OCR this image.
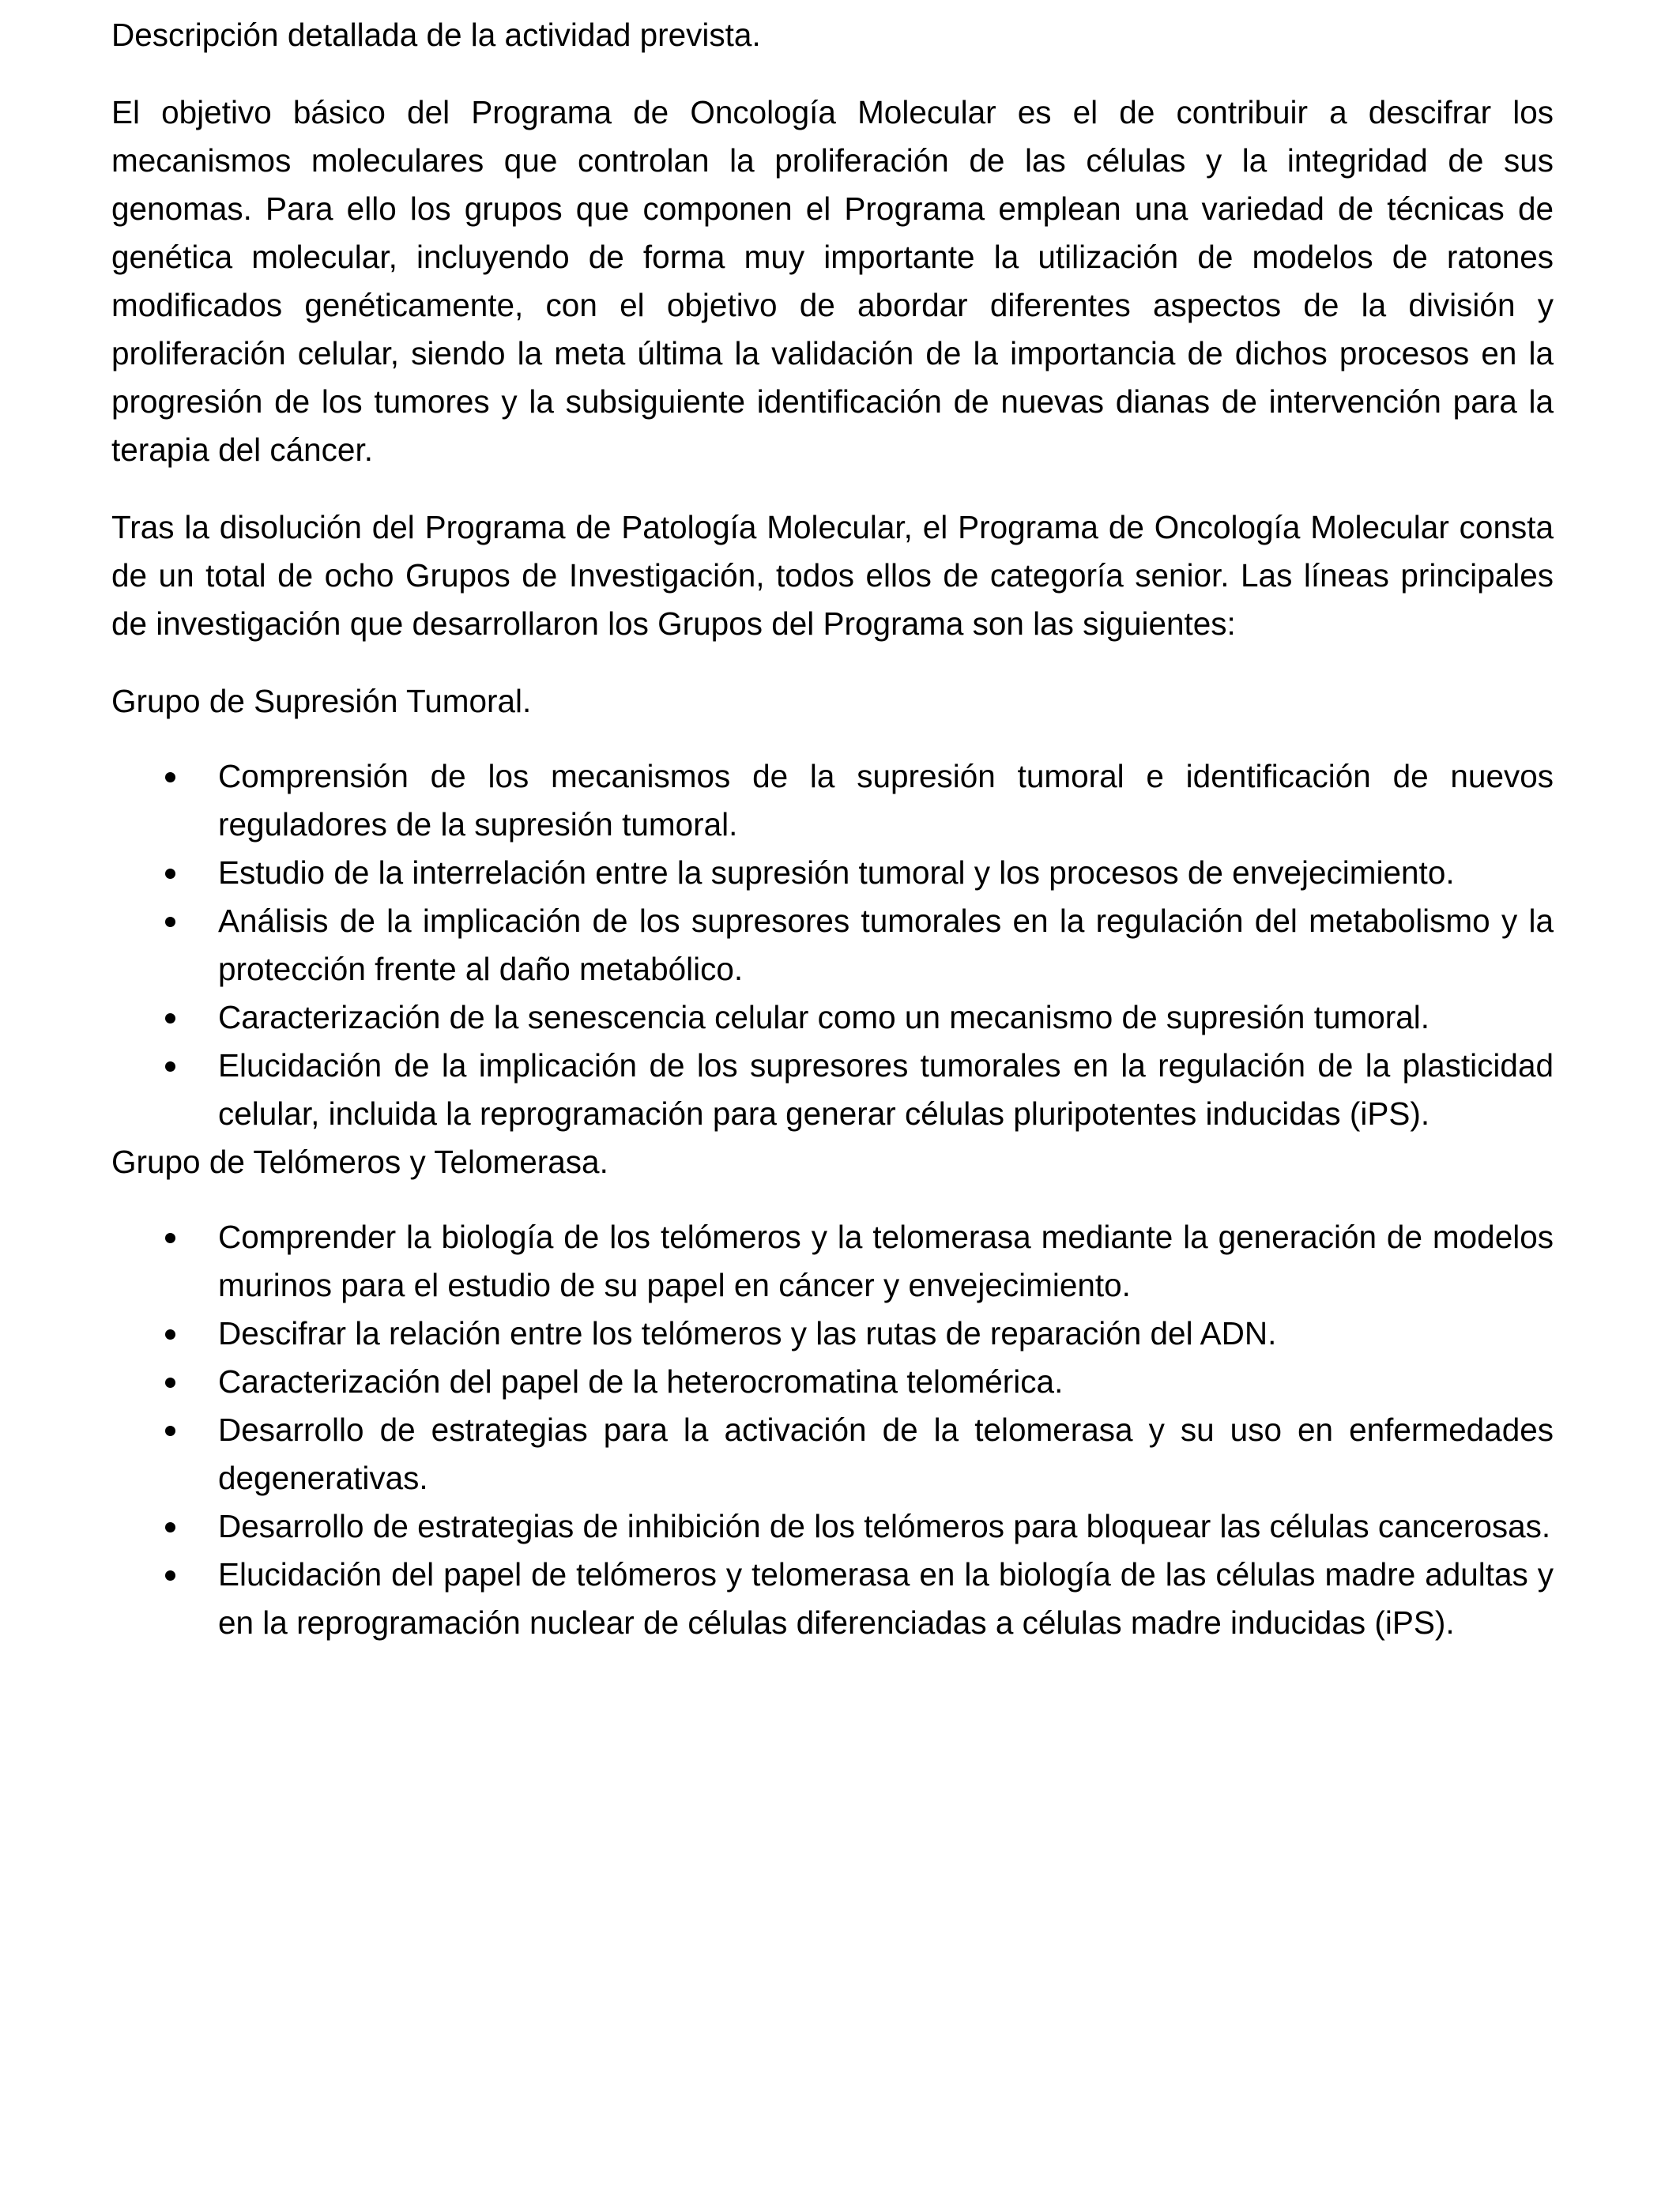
Descripción detallada de la actividad prevista.

El objetivo básico del Programa de Oncología Molecular es el de contribuir a descifrar los mecanismos moleculares que controlan la proliferación de las células y la integridad de sus genomas. Para ello los grupos que componen el Programa emplean una variedad de técnicas de genética molecular, incluyendo de forma muy importante la utilización de modelos de ratones modificados genéticamente, con el objetivo de abordar diferentes aspectos de la división y proliferación celular, siendo la meta última la validación de la importancia de dichos procesos en la progresión de los tumores y la subsiguiente identificación de nuevas dianas de intervención para la terapia del cáncer.

Tras la disolución del Programa de Patología Molecular, el Programa de Oncología Molecular consta de un total de ocho Grupos de Investigación, todos ellos de categoría senior. Las líneas principales de investigación que desarrollaron los Grupos del Programa son las siguientes:

Grupo de Supresión Tumoral.

Comprensión de los mecanismos de la supresión tumoral e identificación de nuevos reguladores de la supresión tumoral.
Estudio de la interrelación entre la supresión tumoral y los procesos de envejecimiento.
Análisis de la implicación de los supresores tumorales en la regulación del metabolismo y la protección frente al daño metabólico.
Caracterización de la senescencia celular como un mecanismo de supresión tumoral.
Elucidación de la implicación de los supresores tumorales en la regulación de la plasticidad celular, incluida la reprogramación para generar células pluripotentes inducidas (iPS).

Grupo de Telómeros y Telomerasa.

Comprender la biología de los telómeros y la telomerasa mediante la generación de modelos murinos para el estudio de su papel en cáncer y envejecimiento.
Descifrar la relación entre los telómeros y las rutas de reparación del ADN.
Caracterización del papel de la heterocromatina telomérica.
Desarrollo de estrategias para la activación de la telomerasa y su uso en enfermedades degenerativas.
Desarrollo de estrategias de inhibición de los telómeros para bloquear las células cancerosas.
Elucidación del papel de telómeros y telomerasa en la biología de las células madre adultas y en la reprogramación nuclear de células diferenciadas a células madre inducidas (iPS).
